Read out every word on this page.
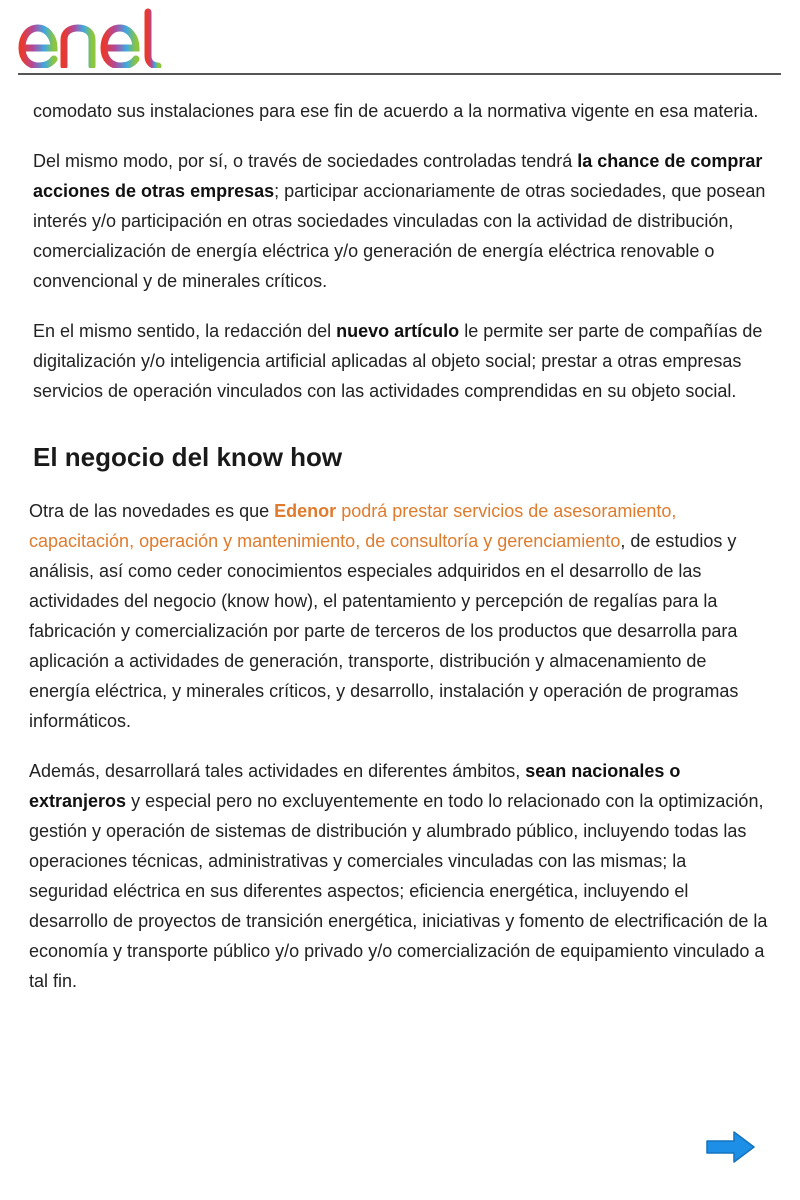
comodato sus instalaciones para ese fin de acuerdo a la normativa vigente en esa materia.

Del mismo modo, por sí, o través de sociedades controladas tendrá la chance de comprar acciones de otras empresas; participar accionariamente de otras sociedades, que posean interés y/o participación en otras sociedades vinculadas con la actividad de distribución, comercialización de energía eléctrica y/o generación de energía eléctrica renovable o convencional y de minerales críticos.

En el mismo sentido, la redacción del nuevo artículo le permite ser parte de compañías de digitalización y/o inteligencia artificial aplicadas al objeto social; prestar a otras empresas servicios de operación vinculados con las actividades comprendidas en su objeto social.

El negocio del know how

Otra de las novedades es que Edenor podrá prestar servicios de asesoramiento, capacitación, operación y mantenimiento, de consultoría y gerenciamiento, de estudios y análisis, así como ceder conocimientos especiales adquiridos en el desarrollo de las actividades del negocio (know how), el patentamiento y percepción de regalías para la fabricación y comercialización por parte de terceros de los productos que desarrolla para aplicación a actividades de generación, transporte, distribución y almacenamiento de energía eléctrica, y minerales críticos, y desarrollo, instalación y operación de programas informáticos.

Además, desarrollará tales actividades en diferentes ámbitos, sean nacionales o extranjeros y especial pero no excluyentemente en todo lo relacionado con la optimización, gestión y operación de sistemas de distribución y alumbrado público, incluyendo todas las operaciones técnicas, administrativas y comerciales vinculadas con las mismas; la seguridad eléctrica en sus diferentes aspectos; eficiencia energética, incluyendo el desarrollo de proyectos de transición energética, iniciativas y fomento de electrificación de la economía y transporte público y/o privado y/o comercialización de equipamiento vinculado a tal fin.
